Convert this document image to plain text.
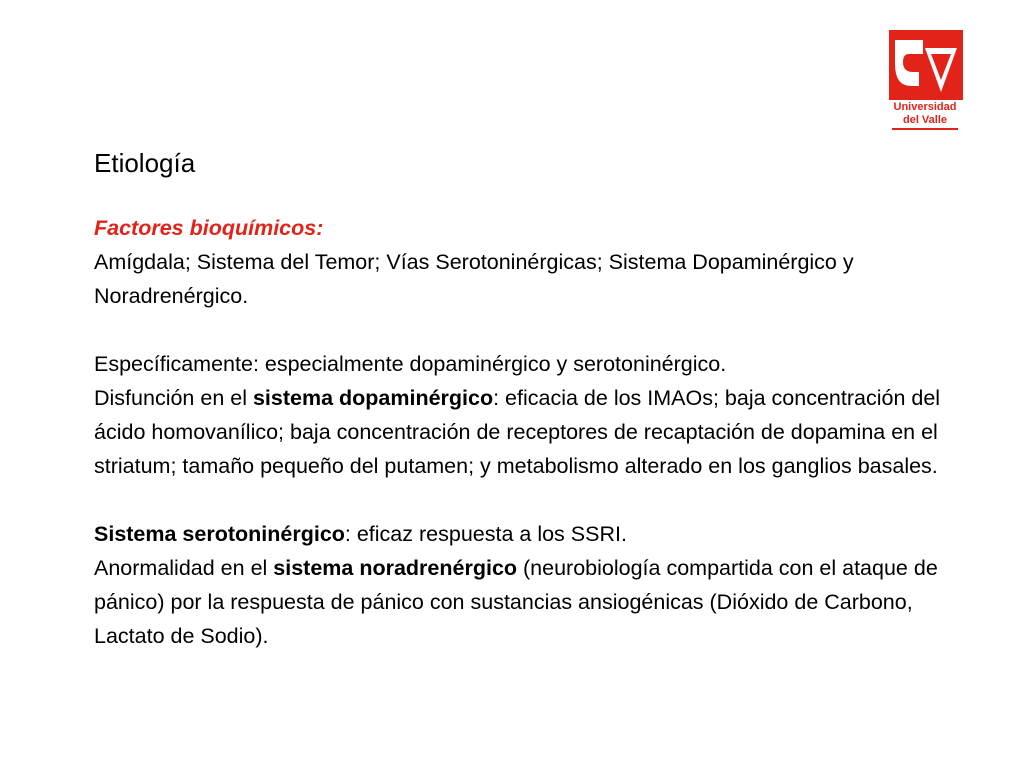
Universidad
del Valle
Etiología

Factores bioquímicos:

Amígdala; Sistema del Temor; Vías Serotoninérgicas; Sistema Dopaminérgico y Noradrenérgico.

Específicamente: especialmente dopaminérgico y serotoninérgico.

Disfunción en el sistema dopaminérgico: eficacia de los IMAOs; baja concentración del ácido homovanílico; baja concentración de receptores de recaptación de dopamina en el striatum; tamaño pequeño del putamen; y metabolismo alterado en los ganglios basales.

Sistema serotoninérgico: eficaz respuesta a los SSRI.

Anormalidad en el sistema noradrenérgico (neurobiología compartida con el ataque de pánico) por la respuesta de pánico con sustancias ansiogénicas (Dióxido de Carbono, Lactato de Sodio).
